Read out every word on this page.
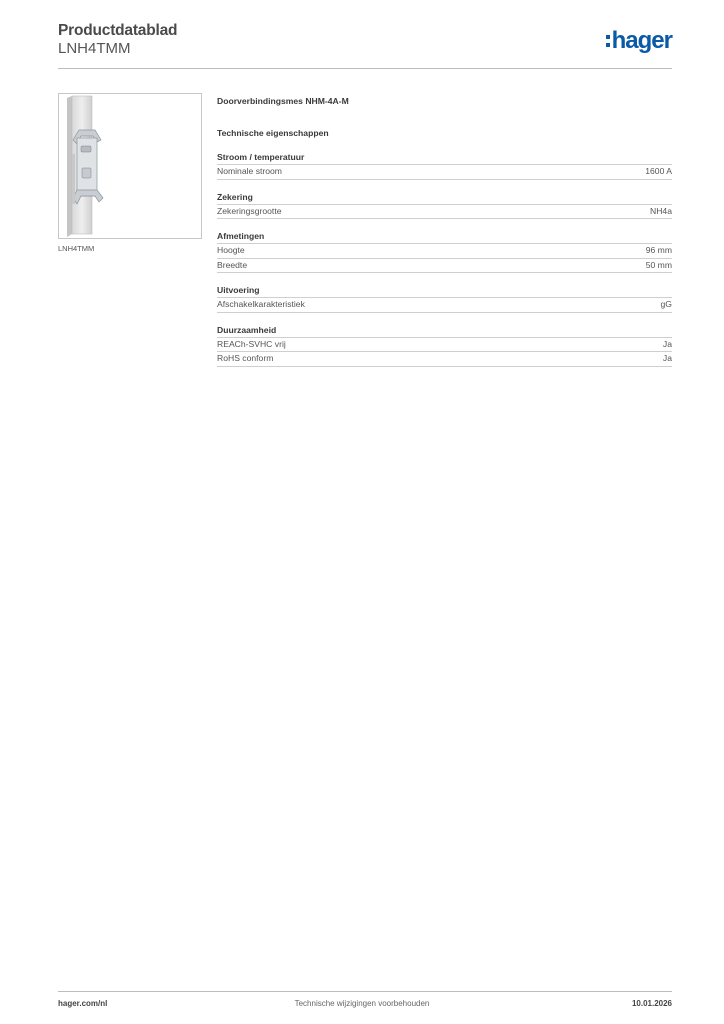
Productdatablad
LNH4TMM	hager
LNH4TMM
Doorverbindingsmes NHM-4A-M
Technische eigenschappen
Stroom / temperatuur
Nominale stroom	1600 A
Zekering
Zekeringsgrootte	NH4a
Afmetingen
Hoogte	96 mm
Breedte	50 mm
Uitvoering
Afschakelkarakteristiek	gG
Duurzaamheid
REACh-SVHC vrij	Ja
RoHS conform	Ja
hager.com/nl	Technische wijzigingen voorbehouden	10.01.2026
